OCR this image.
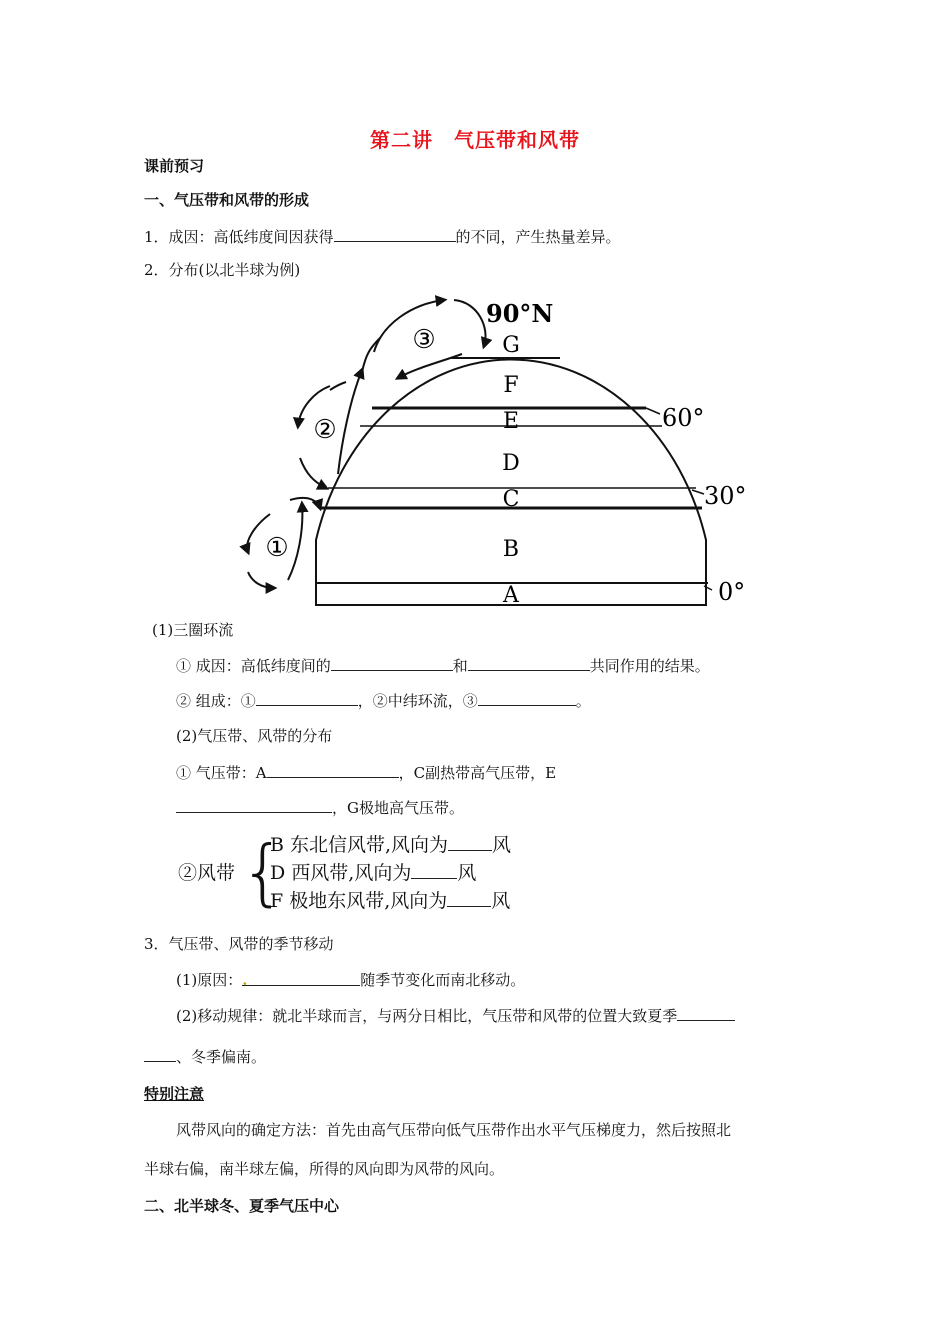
第二讲　气压带和风带
课前预习
一、气压带和风带的形成
1．成因：高低纬度间因获得	的不同，产生热量差异。
2．分布(以北半球为例)
G
F
E
D
C
B
A
90°N
60°
30°
0°
③
②
①
(1)三圈环流
① 成因：高低纬度间的	和	共同作用的结果。
② 组成：①	，②中纬环流，③	。
(2)气压带、风带的分布
① 气压带：A	，C副热带高气压带，E
，G极地高气压带。
②风带 {
B 东北信风带,风向为 风
D 西风带,风向为 风
F 极地东风带,风向为 风
3．气压带、风带的季节移动
(1)原因：.	随季节变化而南北移动。
(2)移动规律：就北半球而言，与两分日相比，气压带和风带的位置大致夏季
、冬季偏南。
特别注意
风带风向的确定方法：首先由高气压带向低气压带作出水平气压梯度力，然后按照北
半球右偏，南半球左偏，所得的风向即为风带的风向。
二、北半球冬、夏季气压中心
